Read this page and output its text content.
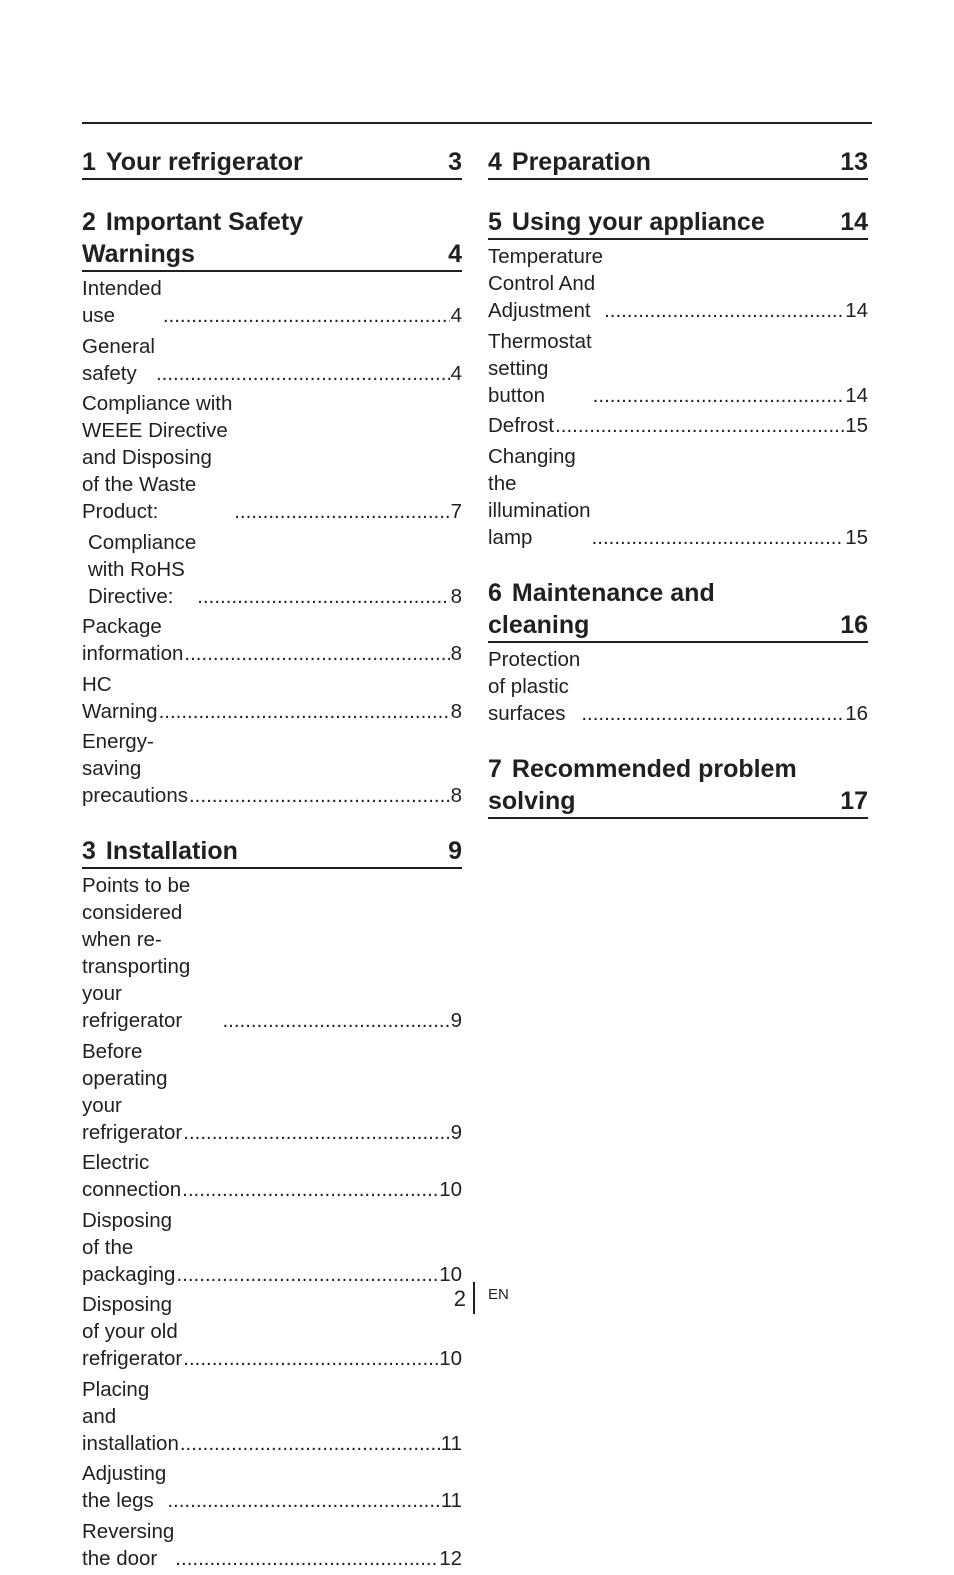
1 Your refrigerator	3
2 Important Safety Warnings	4
Intended use .....	4
General safety .....	4
Compliance with WEEE Directive and Disposing of the Waste Product: .....	7
Compliance with RoHS Directive: .....	8
Package information .....	8
HC Warning .....	8
Energy-saving precautions .....	8
3 Installation	9
Points to be considered when re-transporting your refrigerator .....	9
Before operating your refrigerator .....	9
Electric connection .....	10
Disposing of the packaging .....	10
Disposing of your old refrigerator .....	10
Placing and installation .....	11
Adjusting the legs .....	11
Reversing the door .....	12
4 Preparation	13
5 Using your appliance	14
Temperature Control And Adjustment .....	14
Thermostat setting button .....	14
Defrost .....	15
Changing the illumination lamp .....	15
6 Maintenance and cleaning	16
Protection of plastic surfaces .....	16
7 Recommended problem solving	17
2 EN
